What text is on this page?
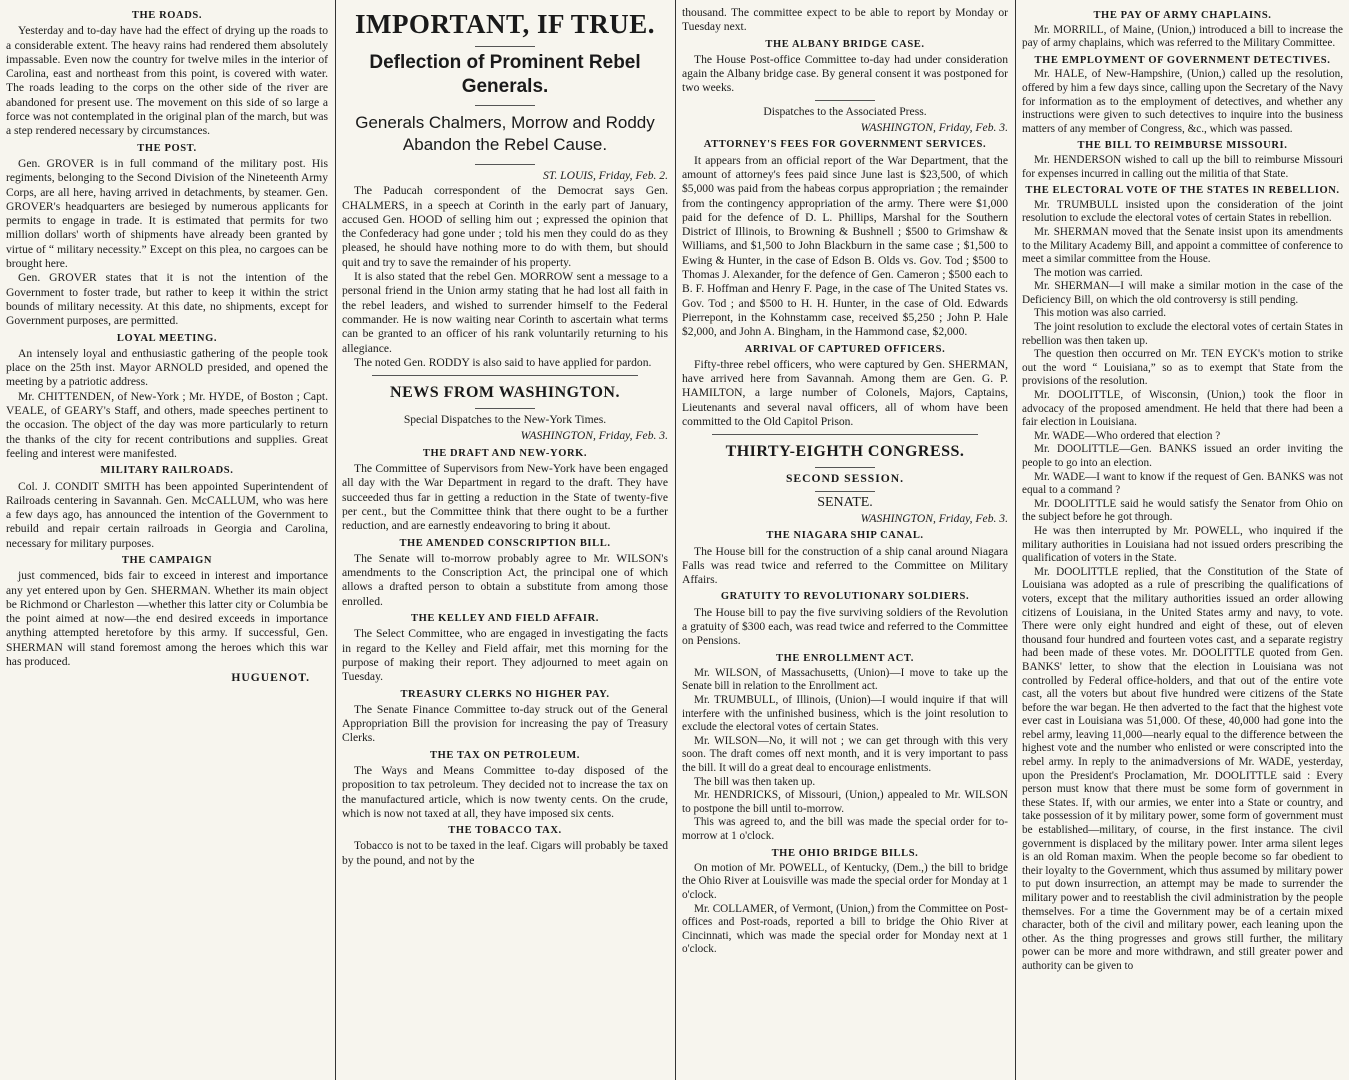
THE ROADS.

Yesterday and to-day have had the effect of drying up the roads to a considerable extent. The heavy rains had rendered them absolutely impassable. Even now the country for twelve miles in the interior of Carolina, east and northeast from this point, is covered with water. The roads leading to the corps on the other side of the river are abandoned for present use. The movement on this side of so large a force was not contemplated in the original plan of the march, but was a step rendered necessary by circumstances.

THE POST.

Gen. GROVER is in full command of the military post. His regiments, belonging to the Second Division of the Nineteenth Army Corps, are all here, having arrived in detachments, by steamer. Gen. GROVER's headquarters are besieged by numerous applicants for permits to engage in trade. It is estimated that permits for two million dollars' worth of shipments have already been granted by virtue of “ military necessity.” Except on this plea, no cargoes can be brought here.

Gen. GROVER states that it is not the intention of the Government to foster trade, but rather to keep it within the strict bounds of military necessity. At this date, no shipments, except for Government purposes, are permitted.

LOYAL MEETING.

An intensely loyal and enthusiastic gathering of the people took place on the 25th inst. Mayor ARNOLD presided, and opened the meeting by a patriotic address.

Mr. CHITTENDEN, of New-York ; Mr. HYDE, of Boston ; Capt. VEALE, of GEARY's Staff, and others, made speeches pertinent to the occasion. The object of the day was more particularly to return the thanks of the city for recent contributions and supplies. Great feeling and interest were manifested.

MILITARY RAILROADS.

Col. J. CONDIT SMITH has been appointed Superintendent of Railroads centering in Savannah. Gen. McCALLUM, who was here a few days ago, has announced the intention of the Government to rebuild and repair certain railroads in Georgia and Carolina, necessary for military purposes.

THE CAMPAIGN

just commenced, bids fair to exceed in interest and importance any yet entered upon by Gen. SHERMAN. Whether its main object be Richmond or Charleston —whether this latter city or Columbia be the point aimed at now—the end desired exceeds in importance anything attempted heretofore by this army. If successful, Gen. SHERMAN will stand foremost among the heroes which this war has produced.

HUGUENOT.
IMPORTANT, IF TRUE.
Deflection of Prominent Rebel Generals.
Generals Chalmers, Morrow and Roddy Abandon the Rebel Cause.
ST. LOUIS, Friday, Feb. 2.

The Paducah correspondent of the Democrat says Gen. CHALMERS, in a speech at Corinth in the early part of January, accused Gen. HOOD of selling him out ; expressed the opinion that the Confederacy had gone under ; told his men they could do as they pleased, he should have nothing more to do with them, but should quit and try to save the remainder of his property.

It is also stated that the rebel Gen. MORROW sent a message to a personal friend in the Union army stating that he had lost all faith in the rebel leaders, and wished to surrender himself to the Federal commander. He is now waiting near Corinth to ascertain what terms can be granted to an officer of his rank voluntarily returning to his allegiance.

The noted Gen. RODDY is also said to have applied for pardon.

NEWS FROM WASHINGTON.
Special Dispatches to the New-York Times.
WASHINGTON, Friday, Feb. 3.
THE DRAFT AND NEW-YORK.

The Committee of Supervisors from New-York have been engaged all day with the War Department in regard to the draft. They have succeeded thus far in getting a reduction in the State of twenty-five per cent., but the Committee think that there ought to be a further reduction, and are earnestly endeavoring to bring it about.

THE AMENDED CONSCRIPTION BILL.

The Senate will to-morrow probably agree to Mr. WILSON's amendments to the Conscription Act, the principal one of which allows a drafted person to obtain a substitute from among those enrolled.

THE KELLEY AND FIELD AFFAIR.

The Select Committee, who are engaged in investigating the facts in regard to the Kelley and Field affair, met this morning for the purpose of making their report. They adjourned to meet again on Tuesday.

TREASURY CLERKS NO HIGHER PAY.

The Senate Finance Committee to-day struck out of the General Appropriation Bill the provision for increasing the pay of Treasury Clerks.

THE TAX ON PETROLEUM.

The Ways and Means Committee to-day disposed of the proposition to tax petroleum. They decided not to increase the tax on the manufactured article, which is now twenty cents. On the crude, which is now not taxed at all, they have imposed six cents.

THE TOBACCO TAX.

Tobacco is not to be taxed in the leaf. Cigars will probably be taxed by the pound, and not by the

thousand. The committee expect to be able to report by Monday or Tuesday next.

THE ALBANY BRIDGE CASE.

The House Post-office Committee to-day had under consideration again the Albany bridge case. By general consent it was postponed for two weeks.

Dispatches to the Associated Press.
WASHINGTON, Friday, Feb. 3.
ATTORNEY'S FEES FOR GOVERNMENT SERVICES.

It appears from an official report of the War Department, that the amount of attorney's fees paid since June last is $23,500, of which $5,000 was paid from the habeas corpus appropriation ; the remainder from the contingency appropriation of the army. There were $1,000 paid for the defence of D. L. Phillips, Marshal for the Southern District of Illinois, to Browning & Bushnell ; $500 to Grimshaw & Williams, and $1,500 to John Blackburn in the same case ; $1,500 to Ewing & Hunter, in the case of Edson B. Olds vs. Gov. Tod ; $500 to Thomas J. Alexander, for the defence of Gen. Cameron ; $500 each to B. F. Hoffman and Henry F. Page, in the case of The United States vs. Gov. Tod ; and $500 to H. H. Hunter, in the case of Old. Edwards Pierrepont, in the Kohnstamm case, received $5,250 ; John P. Hale $2,000, and John A. Bingham, in the Hammond case, $2,000.

ARRIVAL OF CAPTURED OFFICERS.

Fifty-three rebel officers, who were captured by Gen. SHERMAN, have arrived here from Savannah. Among them are Gen. G. P. HAMILTON, a large number of Colonels, Majors, Captains, Lieutenants and several naval officers, all of whom have been committed to the Old Capitol Prison.

THIRTY-EIGHTH CONGRESS.
SECOND SESSION.
SENATE.
WASHINGTON, Friday, Feb. 3.
THE NIAGARA SHIP CANAL.

The House bill for the construction of a ship canal around Niagara Falls was read twice and referred to the Committee on Military Affairs.

GRATUITY TO REVOLUTIONARY SOLDIERS.

The House bill to pay the five surviving soldiers of the Revolution a gratuity of $300 each, was read twice and referred to the Committee on Pensions.

THE ENROLLMENT ACT.

Mr. WILSON, of Massachusetts, (Union)—I move to take up the Senate bill in relation to the Enrollment act.

Mr. TRUMBULL, of Illinois, (Union)—I would inquire if that will interfere with the unfinished business, which is the joint resolution to exclude the electoral votes of certain States.

Mr. WILSON—No, it will not ; we can get through with this very soon. The draft comes off next month, and it is very important to pass the bill. It will do a great deal to encourage enlistments.

The bill was then taken up.

Mr. HENDRICKS, of Missouri, (Union,) appealed to Mr. WILSON to postpone the bill until to-morrow.

This was agreed to, and the bill was made the special order for to-morrow at 1 o'clock.

THE OHIO BRIDGE BILLS.

On motion of Mr. POWELL, of Kentucky, (Dem.,) the bill to bridge the Ohio River at Louisville was made the special order for Monday at 1 o'clock.

Mr. COLLAMER, of Vermont, (Union,) from the Committee on Post-offices and Post-roads, reported a bill to bridge the Ohio River at Cincinnati, which was made the special order for Monday next at 1 o'clock.

THE PAY OF ARMY CHAPLAINS.

Mr. MORRILL, of Maine, (Union,) introduced a bill to increase the pay of army chaplains, which was referred to the Military Committee.

THE EMPLOYMENT OF GOVERNMENT DETECTIVES.

Mr. HALE, of New-Hampshire, (Union,) called up the resolution, offered by him a few days since, calling upon the Secretary of the Navy for information as to the employment of detectives, and whether any instructions were given to such detectives to inquire into the business matters of any member of Congress, &c., which was passed.

THE BILL TO REIMBURSE MISSOURI.

Mr. HENDERSON wished to call up the bill to reimburse Missouri for expenses incurred in calling out the militia of that State.

THE ELECTORAL VOTE OF THE STATES IN REBELLION.

Mr. TRUMBULL insisted upon the consideration of the joint resolution to exclude the electoral votes of certain States in rebellion.

Mr. SHERMAN moved that the Senate insist upon its amendments to the Military Academy Bill, and appoint a committee of conference to meet a similar committee from the House.

The motion was carried.

Mr. SHERMAN—I will make a similar motion in the case of the Deficiency Bill, on which the old controversy is still pending.

This motion was also carried.

The joint resolution to exclude the electoral votes of certain States in rebellion was then taken up.

The question then occurred on Mr. TEN EYCK's motion to strike out the word “ Louisiana,” so as to exempt that State from the provisions of the resolution.

Mr. DOOLITTLE, of Wisconsin, (Union,) took the floor in advocacy of the proposed amendment. He held that there had been a fair election in Louisiana.

Mr. WADE—Who ordered that election ?

Mr. DOOLITTLE—Gen. BANKS issued an order inviting the people to go into an election.

Mr. WADE—I want to know if the request of Gen. BANKS was not equal to a command ?

Mr. DOOLITTLE said he would satisfy the Senator from Ohio on the subject before he got through.

He was then interrupted by Mr. POWELL, who inquired if the military authorities in Louisiana had not issued orders prescribing the qualification of voters in the State.

Mr. DOOLITTLE replied, that the Constitution of the State of Louisiana was adopted as a rule of prescribing the qualifications of voters, except that the military authorities issued an order allowing citizens of Louisiana, in the United States army and navy, to vote. There were only eight hundred and eight of these, out of eleven thousand four hundred and fourteen votes cast, and a separate registry had been made of these votes. Mr. DOOLITTLE quoted from Gen. BANKS' letter, to show that the election in Louisiana was not controlled by Federal office-holders, and that out of the entire vote cast, all the voters but about five hundred were citizens of the State before the war began. He then adverted to the fact that the highest vote ever cast in Louisiana was 51,000. Of these, 40,000 had gone into the rebel army, leaving 11,000—nearly equal to the difference between the highest vote and the number who enlisted or were conscripted into the rebel army. In reply to the animadversions of Mr. WADE, yesterday, upon the President's Proclamation, Mr. DOOLITTLE said : Every person must know that there must be some form of government in these States. If, with our armies, we enter into a State or country, and take possession of it by military power, some form of government must be established—military, of course, in the first instance. The civil government is displaced by the military power. Inter arma silent leges is an old Roman maxim. When the people become so far obedient to their loyalty to the Government, which thus assumed by military power to put down insurrection, an attempt may be made to surrender the military power and to reestablish the civil administration by the people themselves. For a time the Government may be of a certain mixed character, both of the civil and military power, each leaning upon the other. As the thing progresses and grows still further, the military power can be more and more withdrawn, and still greater power and authority can be given to
